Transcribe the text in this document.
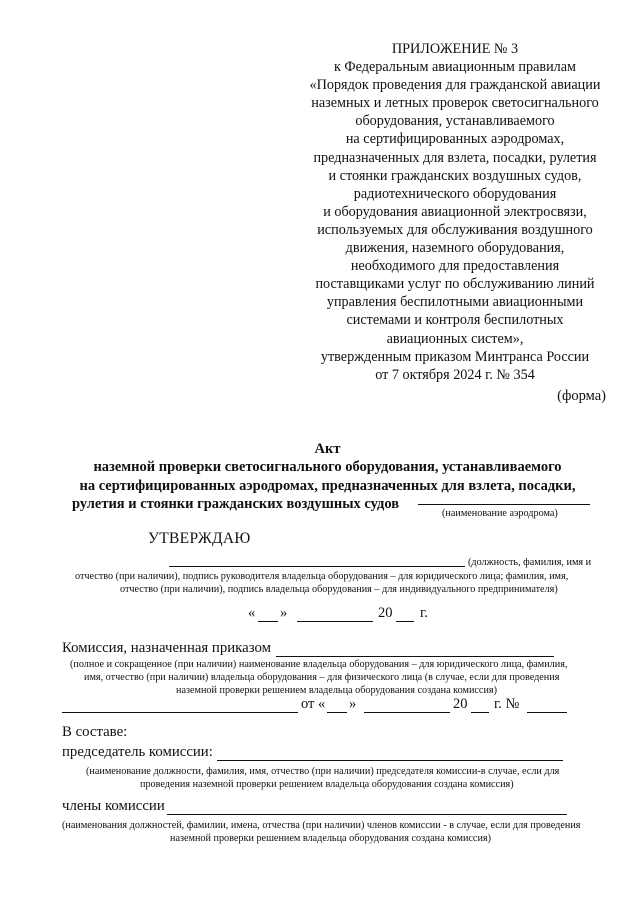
ПРИЛОЖЕНИЕ № 3
к Федеральным авиационным правилам
«Порядок проведения для гражданской авиации
наземных и летных проверок светосигнального
оборудования, устанавливаемого
на сертифицированных аэродромах,
предназначенных для взлета, посадки, рулетия
и стоянки гражданских воздушных судов,
радиотехнического оборудования
и оборудования авиационной электросвязи,
используемых для обслуживания воздушного
движения, наземного оборудования,
необходимого для предоставления
поставщиками услуг по обслуживанию линий
управления беспилотными авиационными
системами и контроля беспилотных
авиационных систем»,
утвержденным приказом Минтранса России
от 7 октября 2024 г. № 354
(форма)
Акт
наземной проверки светосигнального оборудования, устанавливаемого
на сертифицированных аэродромах, предназначенных для взлета, посадки,
рулетия и стоянки гражданских воздушных судов
(наименование аэродрома)
УТВЕРЖДАЮ
(должность, фамилия, имя и
отчество (при наличии), подпись руководителя владельца оборудования – для юридического лица; фамилия, имя,
отчество (при наличии), подпись владельца оборудования – для индивидуального предпринимателя)
« »	20 г.
Комиссия, назначенная приказом
(полное и сокращенное (при наличии) наименование владельца оборудования – для юридического лица, фамилия,
имя, отчество (при наличии) владельца оборудования – для физического лица (в случае, если для проведения
наземной проверки решением владельца оборудования создана комиссия)
от « »	20 г. №
В составе:
председатель комиссии:
(наименование должности, фамилия, имя, отчество (при наличии) председателя комиссии-в случае, если для
проведения наземной проверки решением владельца оборудования создана комиссия)
члены комиссии
(наименования должностей, фамилии, имена, отчества (при наличии) членов комиссии - в случае, если для проведения
наземной проверки решением владельца оборудования создана комиссия)
